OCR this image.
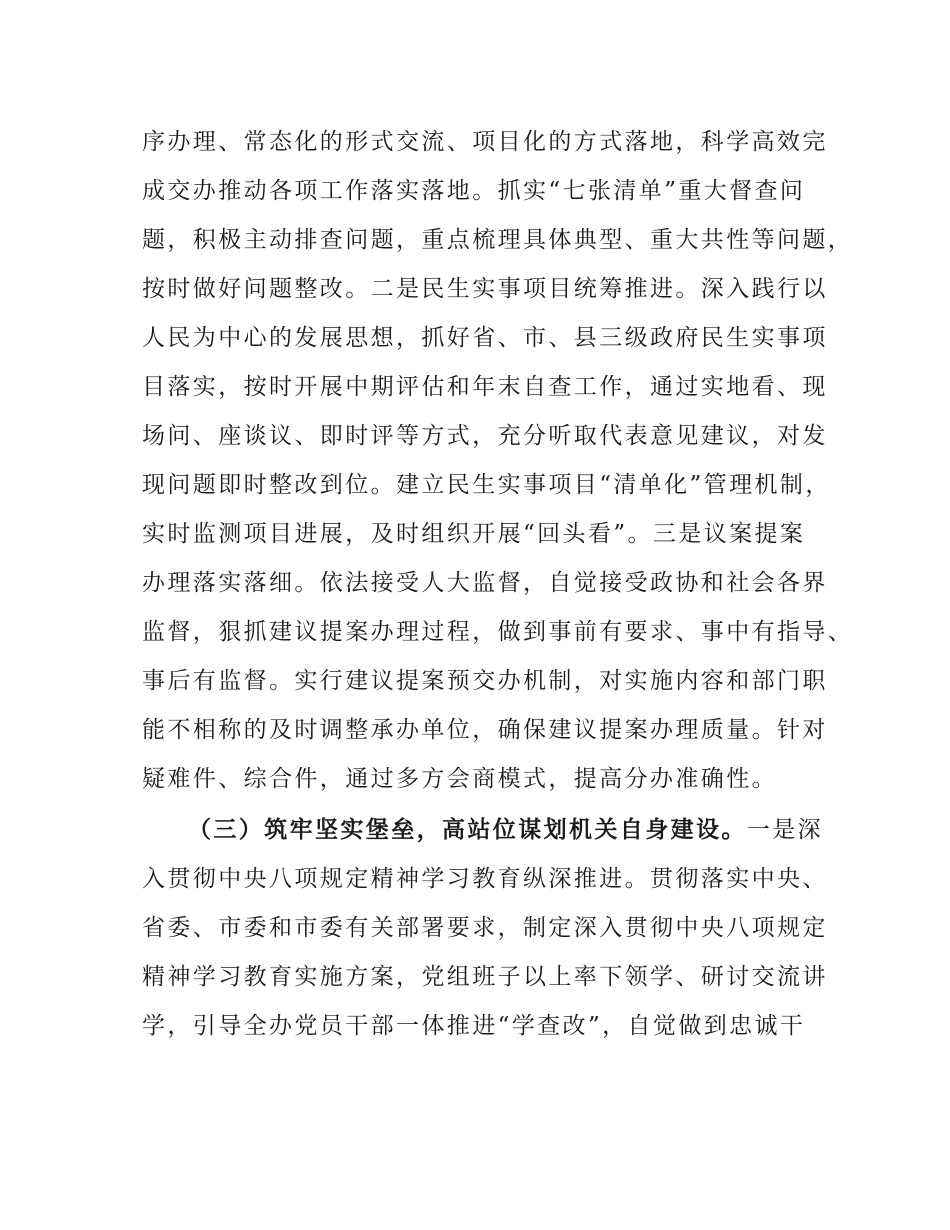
序办理、常态化的形式交流、项目化的方式落地，科学高效完
成交办推动各项工作落实落地。抓实“七张清单”重大督查问
题，积极主动排查问题，重点梳理具体典型、重大共性等问题，
按时做好问题整改。二是民生实事项目统筹推进。深入践行以
人民为中心的发展思想，抓好省、市、县三级政府民生实事项
目落实，按时开展中期评估和年末自查工作，通过实地看、现
场问、座谈议、即时评等方式，充分听取代表意见建议，对发
现问题即时整改到位。建立民生实事项目“清单化”管理机制，
实时监测项目进展，及时组织开展“回头看”。三是议案提案
办理落实落细。依法接受人大监督，自觉接受政协和社会各界
监督，狠抓建议提案办理过程，做到事前有要求、事中有指导、
事后有监督。实行建议提案预交办机制，对实施内容和部门职
能不相称的及时调整承办单位，确保建议提案办理质量。针对
疑难件、综合件，通过多方会商模式，提高分办准确性。
（三）筑牢坚实堡垒，高站位谋划机关自身建设。一是深
入贯彻中央八项规定精神学习教育纵深推进。贯彻落实中央、
省委、市委和市委有关部署要求，制定深入贯彻中央八项规定
精神学习教育实施方案，党组班子以上率下领学、研讨交流讲
学，引导全办党员干部一体推进“学查改”，自觉做到忠诚干
